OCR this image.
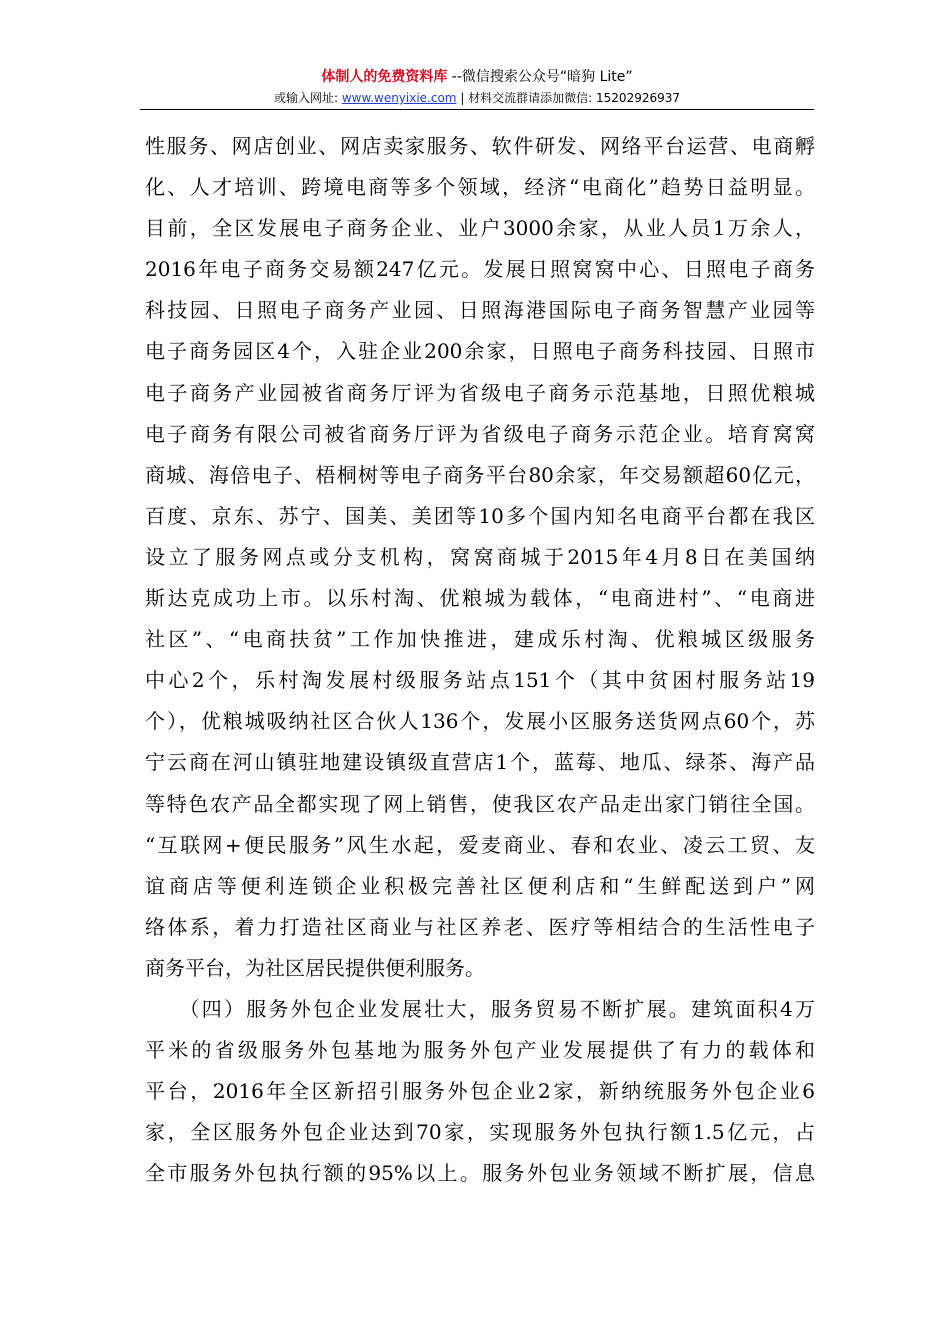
体制人的免费资料库 --微信搜索公众号“暗狗 Lite”
或输入网址: www.wenyixie.com | 材料交流群请添加微信: 15202926937
性服务、网店创业、网店卖家服务、软件研发、网络平台运营、电商孵
化、人才培训、跨境电商等多个领域，经济“电商化”趋势日益明显。
目前，全区发展电子商务企业、业户3000余家，从业人员1万余人，
2016年电子商务交易额247亿元。发展日照窝窝中心、日照电子商务
科技园、日照电子商务产业园、日照海港国际电子商务智慧产业园等
电子商务园区4个，入驻企业200余家，日照电子商务科技园、日照市
电子商务产业园被省商务厅评为省级电子商务示范基地，日照优粮城
电子商务有限公司被省商务厅评为省级电子商务示范企业。培育窝窝
商城、海倍电子、梧桐树等电子商务平台80余家，年交易额超60亿元，
百度、京东、苏宁、国美、美团等10多个国内知名电商平台都在我区
设立了服务网点或分支机构，窝窝商城于2015年4月8日在美国纳
斯达克成功上市。以乐村淘、优粮城为载体，“电商进村”、“电商进
社区”、“电商扶贫”工作加快推进，建成乐村淘、优粮城区级服务
中心2个，乐村淘发展村级服务站点151个（其中贫困村服务站19
个），优粮城吸纳社区合伙人136个，发展小区服务送货网点60个，苏
宁云商在河山镇驻地建设镇级直营店1个，蓝莓、地瓜、绿茶、海产品
等特色农产品全都实现了网上销售，使我区农产品走出家门销往全国。
“互联网+便民服务”风生水起，爱麦商业、春和农业、凌云工贸、友
谊商店等便利连锁企业积极完善社区便利店和“生鲜配送到户”网
络体系，着力打造社区商业与社区养老、医疗等相结合的生活性电子
商务平台，为社区居民提供便利服务。
　　（四）服务外包企业发展壮大，服务贸易不断扩展。建筑面积4万
平米的省级服务外包基地为服务外包产业发展提供了有力的载体和
平台，2016年全区新招引服务外包企业2家，新纳统服务外包企业6
家，全区服务外包企业达到70家，实现服务外包执行额1.5亿元，占
全市服务外包执行额的95%以上。服务外包业务领域不断扩展，信息
